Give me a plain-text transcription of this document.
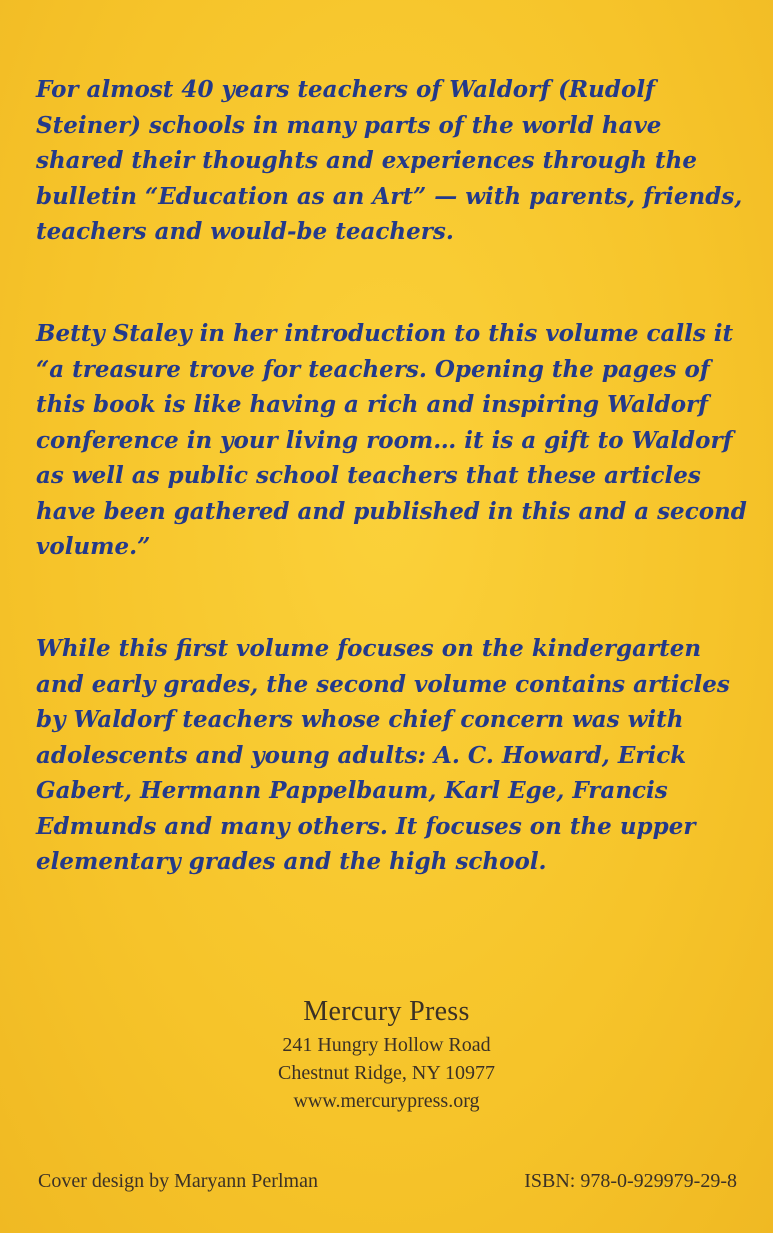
For almost 40 years teachers of Waldorf (Rudolf Steiner) schools in many parts of the world have shared their thoughts and experiences through the bulletin “Education as an Art” — with parents, friends, teachers and would-be teachers.

Betty Staley in her introduction to this volume calls it “a treasure trove for teachers. Opening the pages of this book is like having a rich and inspiring Waldorf conference in your living room… it is a gift to Waldorf as well as public school teachers that these articles have been gathered and published in this and a second volume.”

While this first volume focuses on the kindergarten and early grades, the second volume contains articles by Waldorf teachers whose chief concern was with adolescents and young adults: A. C. Howard, Erick Gabert, Hermann Pappelbaum, Karl Ege, Francis Edmunds and many others. It focuses on the upper elementary grades and the high school.

Mercury Press
241 Hungry Hollow Road
Chestnut Ridge, NY 10977
www.mercurypress.org
Cover design by Maryann Perlman	ISBN: 978-0-929979-29-8
